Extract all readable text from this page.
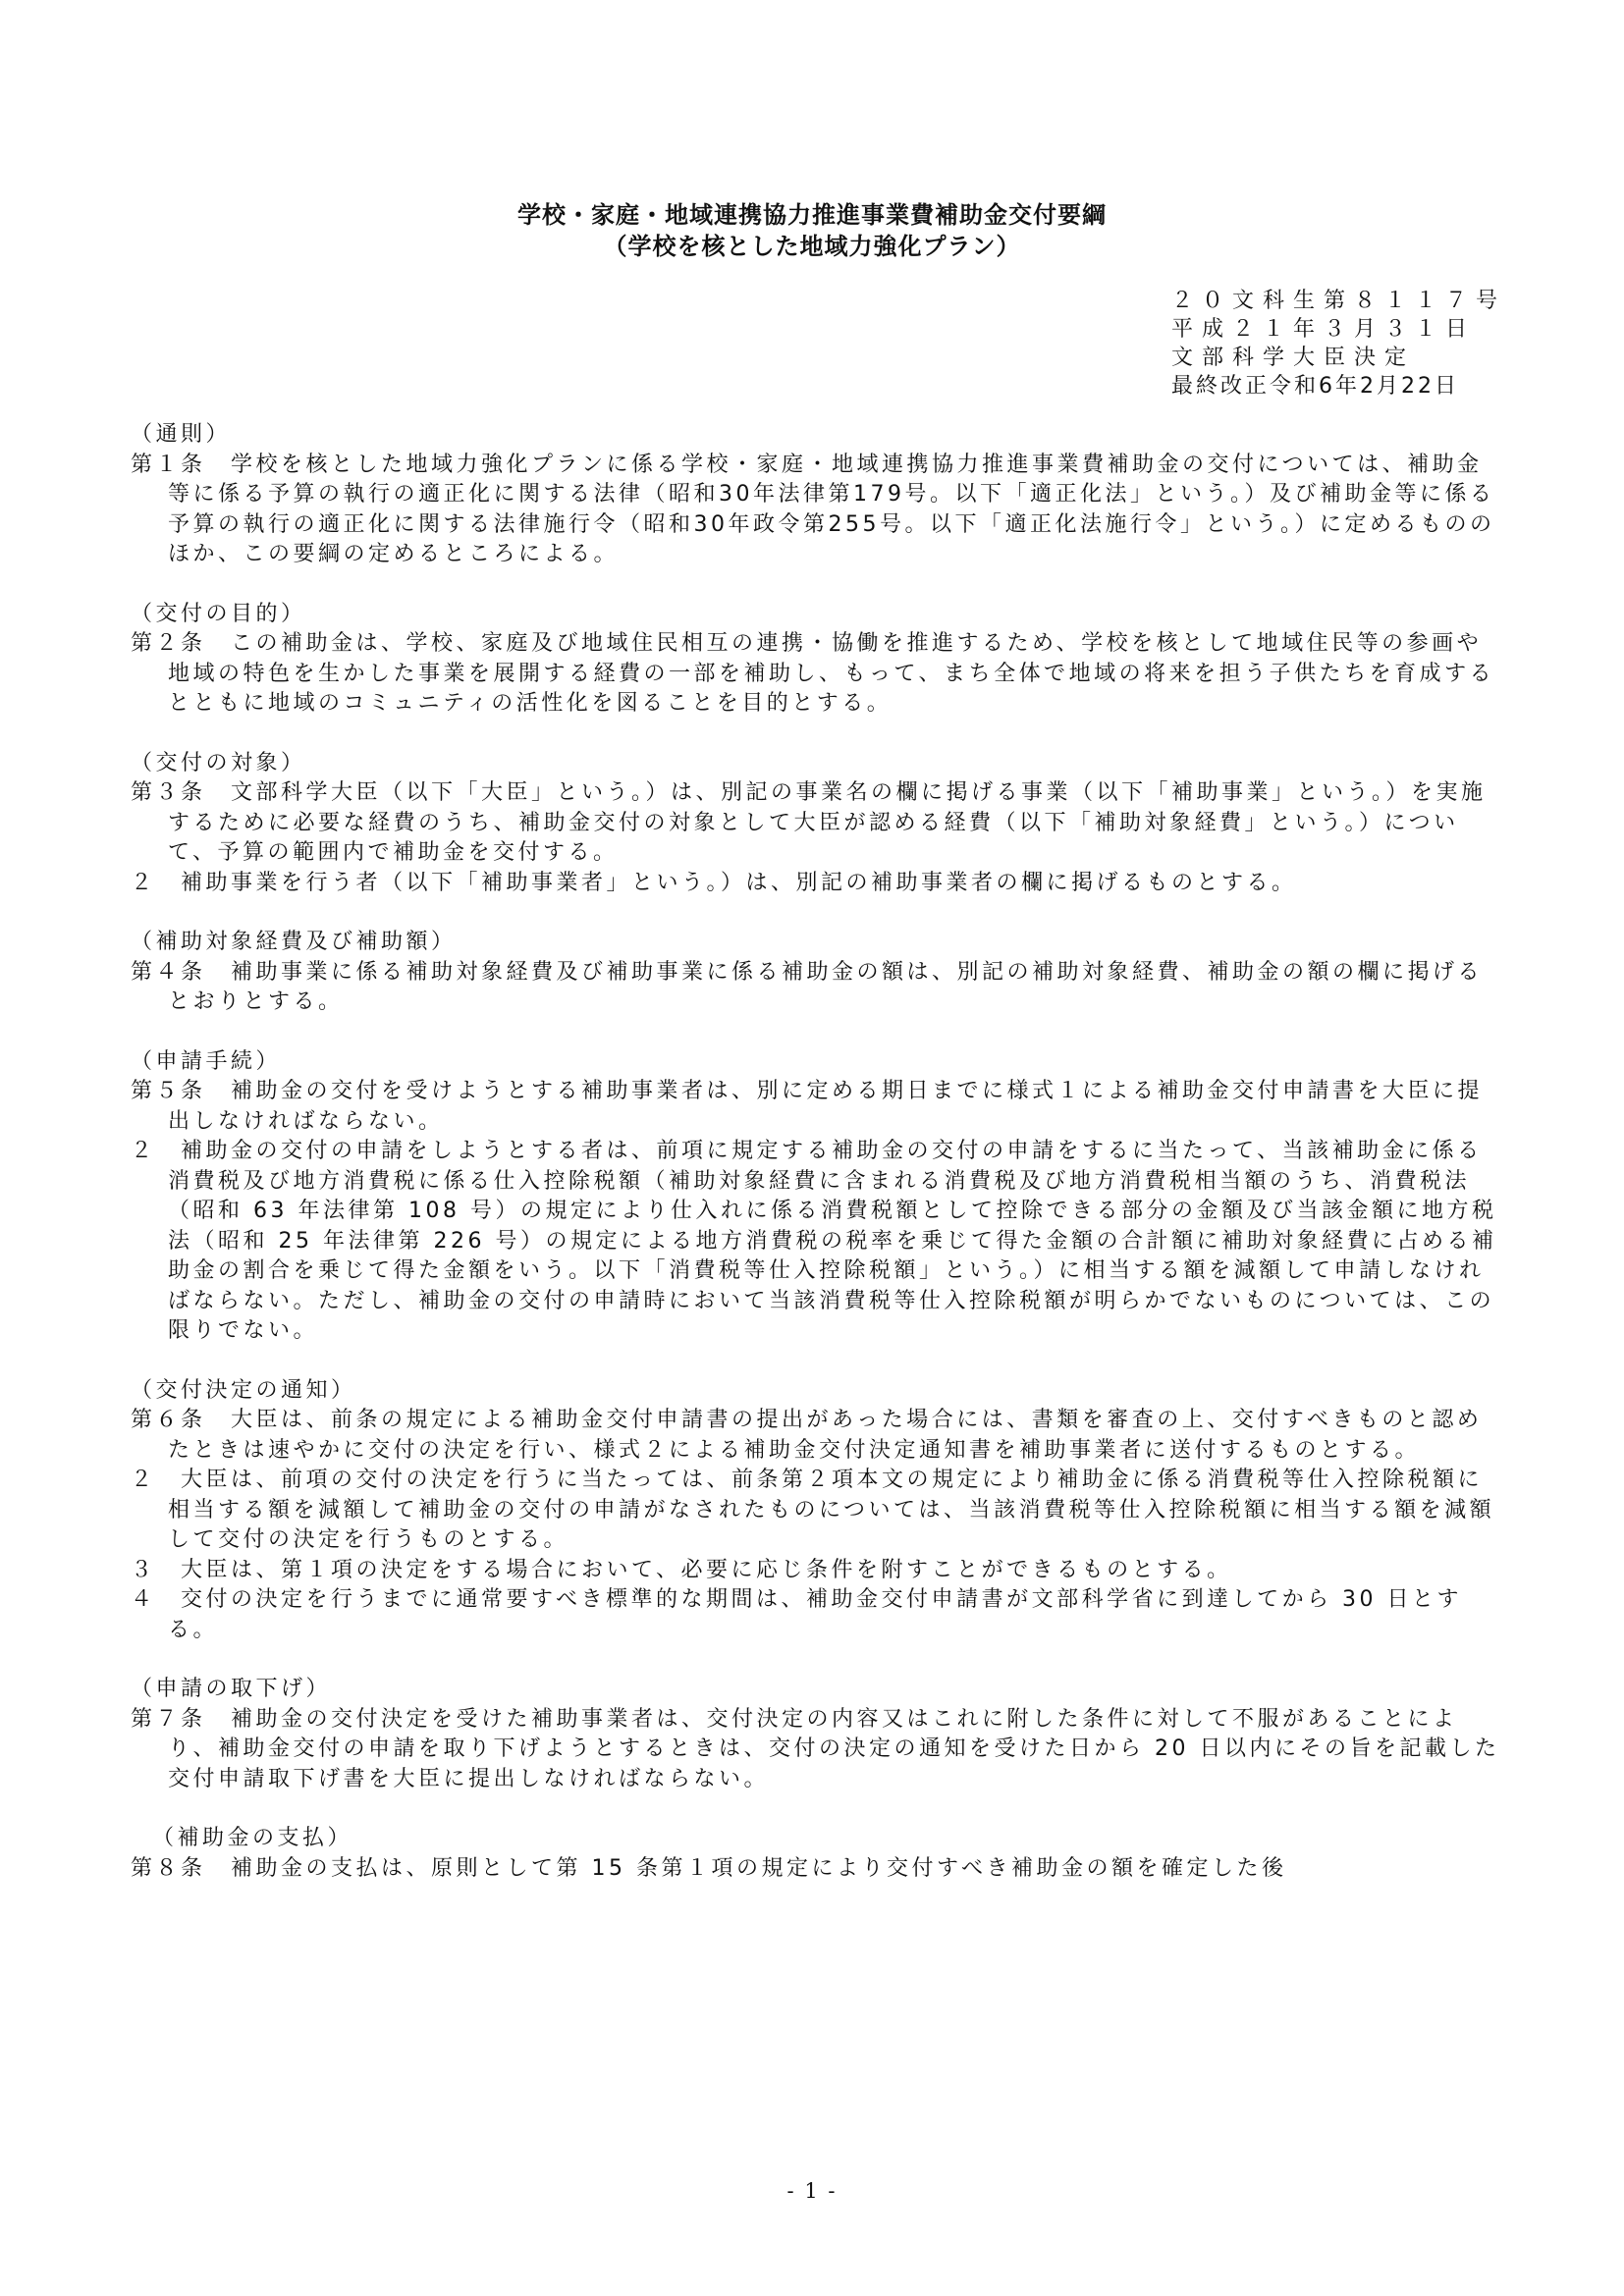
学校・家庭・地域連携協力推進事業費補助金交付要綱
（学校を核とした地域力強化プラン）
２０文科生第８１１７号
平成２１年３月３１日
文部科学大臣決定
最終改正令和6年2月22日
（通則）
第１条　学校を核とした地域力強化プランに係る学校・家庭・地域連携協力推進事業費補助金の交付については、補助金等に係る予算の執行の適正化に関する法律（昭和30年法律第179号。以下「適正化法」という。）及び補助金等に係る予算の執行の適正化に関する法律施行令（昭和30年政令第255号。以下「適正化法施行令」という。）に定めるもののほか、この要綱の定めるところによる。
（交付の目的）
第２条　この補助金は、学校、家庭及び地域住民相互の連携・協働を推進するため、学校を核として地域住民等の参画や地域の特色を生かした事業を展開する経費の一部を補助し、もって、まち全体で地域の将来を担う子供たちを育成するとともに地域のコミュニティの活性化を図ることを目的とする。
（交付の対象）
第３条　文部科学大臣（以下「大臣」という。）は、別記の事業名の欄に掲げる事業（以下「補助事業」という。）を実施するために必要な経費のうち、補助金交付の対象として大臣が認める経費（以下「補助対象経費」という。）について、予算の範囲内で補助金を交付する。
２　補助事業を行う者（以下「補助事業者」という。）は、別記の補助事業者の欄に掲げるものとする。
（補助対象経費及び補助額）
第４条　補助事業に係る補助対象経費及び補助事業に係る補助金の額は、別記の補助対象経費、補助金の額の欄に掲げるとおりとする。
（申請手続）
第５条　補助金の交付を受けようとする補助事業者は、別に定める期日までに様式１による補助金交付申請書を大臣に提出しなければならない。
２　補助金の交付の申請をしようとする者は、前項に規定する補助金の交付の申請をするに当たって、当該補助金に係る消費税及び地方消費税に係る仕入控除税額（補助対象経費に含まれる消費税及び地方消費税相当額のうち、消費税法（昭和 63 年法律第 108 号）の規定により仕入れに係る消費税額として控除できる部分の金額及び当該金額に地方税法（昭和 25 年法律第 226 号）の規定による地方消費税の税率を乗じて得た金額の合計額に補助対象経費に占める補助金の割合を乗じて得た金額をいう。以下「消費税等仕入控除税額」という。）に相当する額を減額して申請しなければならない。ただし、補助金の交付の申請時において当該消費税等仕入控除税額が明らかでないものについては、この限りでない。
（交付決定の通知）
第６条　大臣は、前条の規定による補助金交付申請書の提出があった場合には、書類を審査の上、交付すべきものと認めたときは速やかに交付の決定を行い、様式２による補助金交付決定通知書を補助事業者に送付するものとする。
２　大臣は、前項の交付の決定を行うに当たっては、前条第２項本文の規定により補助金に係る消費税等仕入控除税額に相当する額を減額して補助金の交付の申請がなされたものについては、当該消費税等仕入控除税額に相当する額を減額して交付の決定を行うものとする。
３　大臣は、第１項の決定をする場合において、必要に応じ条件を附すことができるものとする。
４　交付の決定を行うまでに通常要すべき標準的な期間は、補助金交付申請書が文部科学省に到達してから 30 日とする。
（申請の取下げ）
第７条　補助金の交付決定を受けた補助事業者は、交付決定の内容又はこれに附した条件に対して不服があることにより、補助金交付の申請を取り下げようとするときは、交付の決定の通知を受けた日から 20 日以内にその旨を記載した交付申請取下げ書を大臣に提出しなければならない。
（補助金の支払）
第８条　補助金の支払は、原則として第 15 条第１項の規定により交付すべき補助金の額を確定した後
- 1 -
